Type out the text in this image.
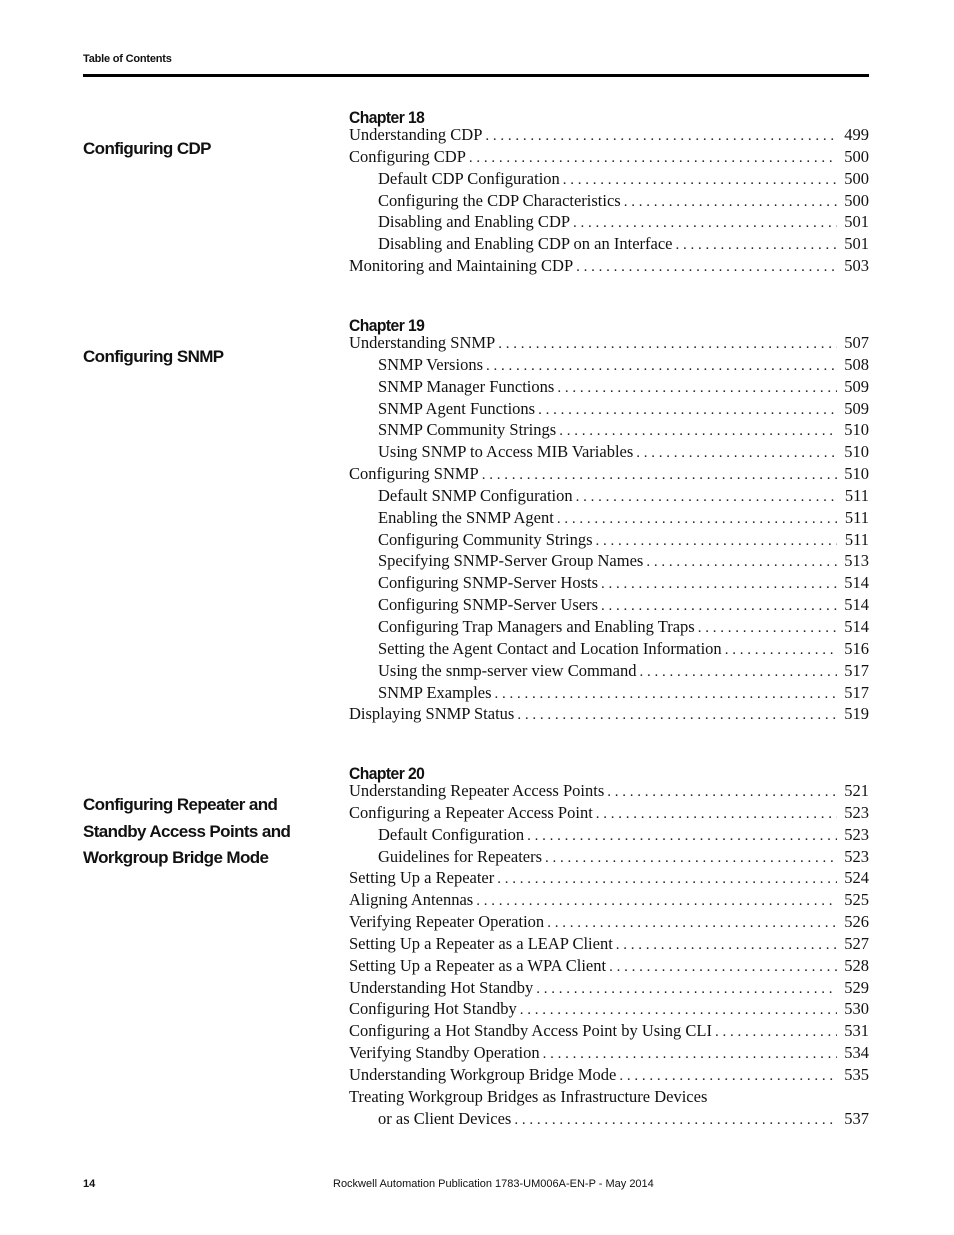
Table of Contents
Chapter 18
Configuring CDP
Understanding CDP . . .	499
Configuring CDP . . .	500
Default CDP Configuration . . .	500
Configuring the CDP Characteristics . . .	500
Disabling and Enabling CDP . . .	501
Disabling and Enabling CDP on an Interface . . .	501
Monitoring and Maintaining CDP . . .	503
Chapter 19
Configuring SNMP
Understanding SNMP . . .	507
SNMP Versions . . .	508
SNMP Manager Functions . . .	509
SNMP Agent Functions . . .	509
SNMP Community Strings . . .	510
Using SNMP to Access MIB Variables . . .	510
Configuring SNMP . . .	510
Default SNMP Configuration . . .	511
Enabling the SNMP Agent . . .	511
Configuring Community Strings . . .	511
Specifying SNMP-Server Group Names . . .	513
Configuring SNMP-Server Hosts . . .	514
Configuring SNMP-Server Users . . .	514
Configuring Trap Managers and Enabling Traps . . .	514
Setting the Agent Contact and Location Information . . .	516
Using the snmp-server view Command . . .	517
SNMP Examples . . .	517
Displaying SNMP Status . . .	519
Chapter 20
Configuring Repeater and Standby Access Points and Workgroup Bridge Mode
Understanding Repeater Access Points . . .	521
Configuring a Repeater Access Point . . .	523
Default Configuration . . .	523
Guidelines for Repeaters . . .	523
Setting Up a Repeater . . .	524
Aligning Antennas . . .	525
Verifying Repeater Operation . . .	526
Setting Up a Repeater as a LEAP Client . . .	527
Setting Up a Repeater as a WPA Client . . .	528
Understanding Hot Standby . . .	529
Configuring Hot Standby . . .	530
Configuring a Hot Standby Access Point by Using CLI . . .	531
Verifying Standby Operation . . .	534
Understanding Workgroup Bridge Mode . . .	535
Treating Workgroup Bridges as Infrastructure Devices
or as Client Devices . . .	537
14	Rockwell Automation Publication 1783-UM006A-EN-P - May 2014
